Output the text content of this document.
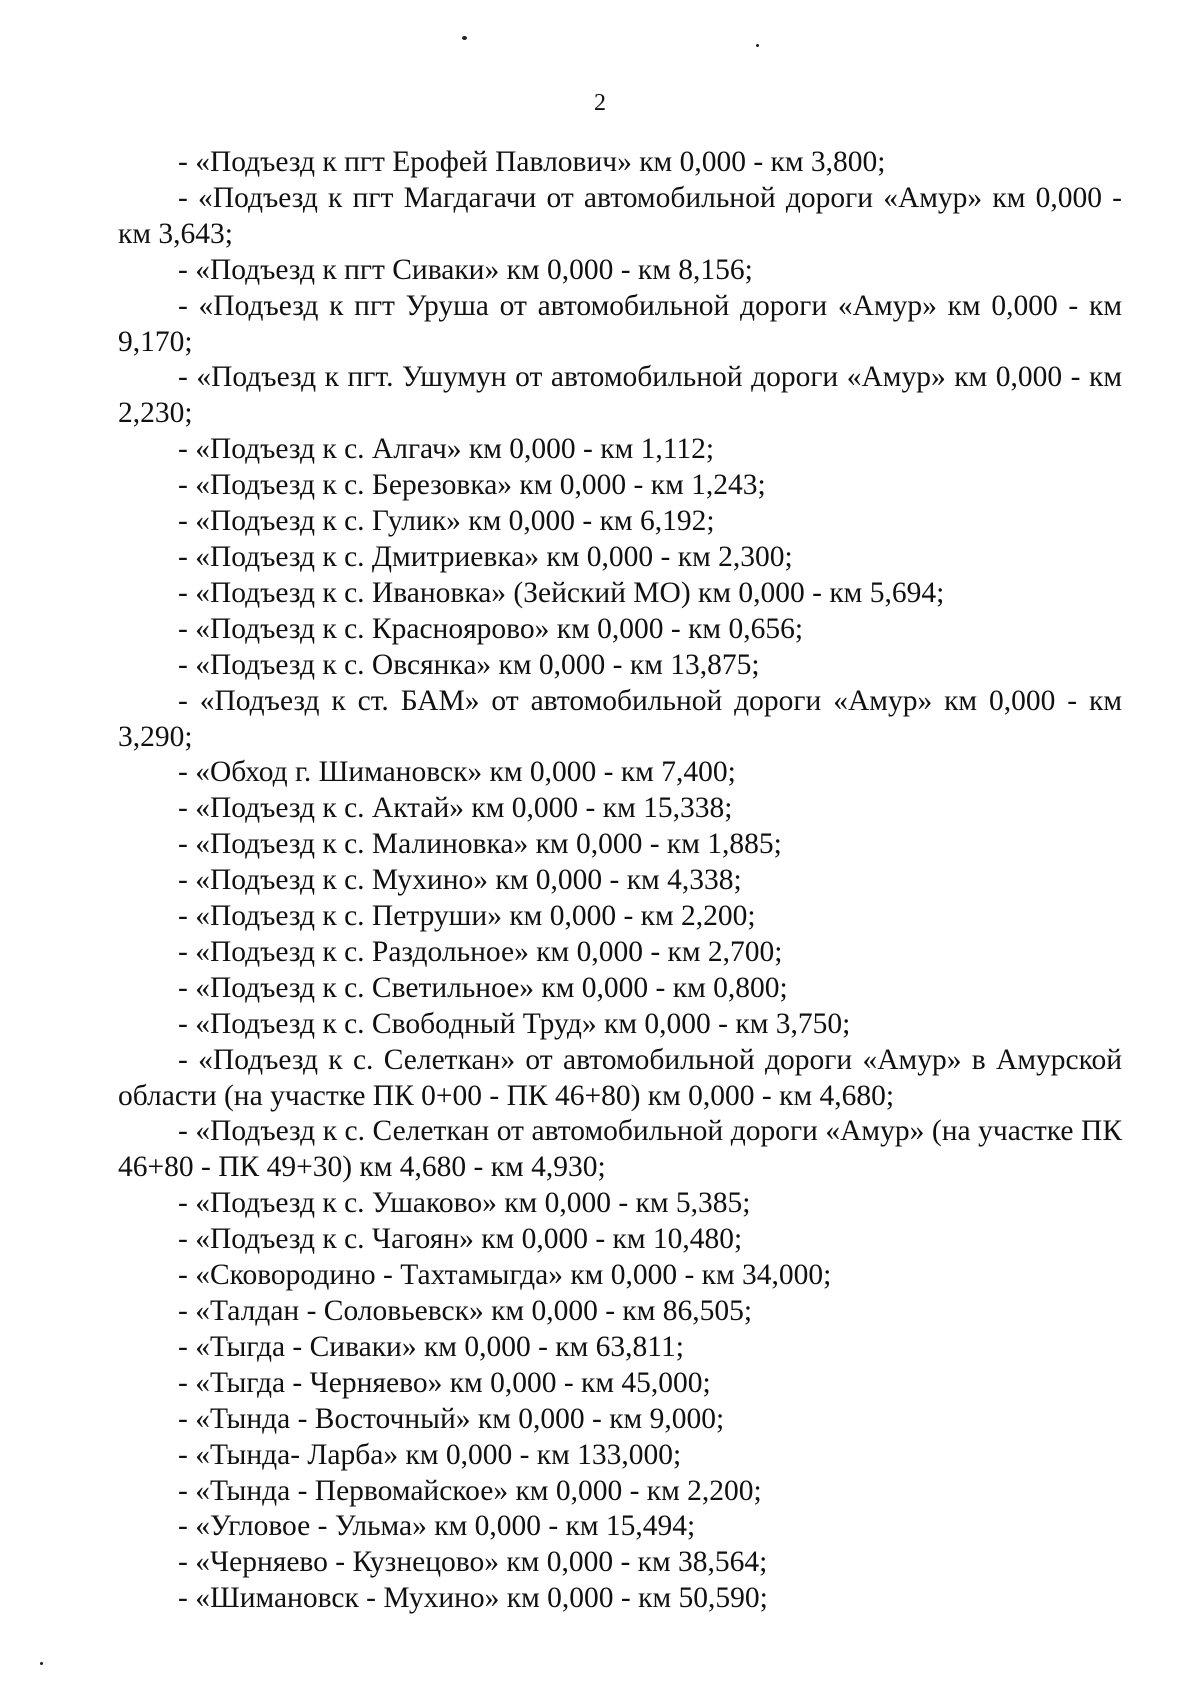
2

- «Подъезд к пгт Ерофей Павлович» км 0,000 - км 3,800;

- «Подъезд к пгт Магдагачи от автомобильной дороги «Амур» км 0,000 - км 3,643;

- «Подъезд к пгт Сиваки» км 0,000 - км 8,156;

- «Подъезд к пгт Уруша от автомобильной дороги «Амур» км 0,000 - км 9,170;

- «Подъезд к пгт. Ушумун от автомобильной дороги «Амур» км 0,000 - км 2,230;

- «Подъезд к с. Алгач» км 0,000 - км 1,112;

- «Подъезд к с. Березовка» км 0,000 - км 1,243;

- «Подъезд к с. Гулик» км 0,000 - км 6,192;

- «Подъезд к с. Дмитриевка» км 0,000 - км 2,300;

- «Подъезд к с. Ивановка» (Зейский МО) км 0,000 - км 5,694;

- «Подъезд к с. Краснoярово» км 0,000 - км 0,656;

- «Подъезд к с. Овсянка» км 0,000 - км 13,875;

- «Подъезд к ст. БАМ» от автомобильной дороги «Амур» км 0,000 - км 3,290;

- «Обход г. Шимановск» км 0,000 - км 7,400;

- «Подъезд к с. Актай» км 0,000 - км 15,338;

- «Подъезд к с. Малиновка» км 0,000 - км 1,885;

- «Подъезд к с. Мухино» км 0,000 - км 4,338;

- «Подъезд к с. Петруши» км 0,000 - км 2,200;

- «Подъезд к с. Раздольное» км 0,000 - км 2,700;

- «Подъезд к с. Светильное» км 0,000 - км 0,800;

- «Подъезд к с. Свободный Труд» км 0,000 - км 3,750;

- «Подъезд к с. Селеткан» от автомобильной дороги «Амур» в Амурской области (на участке ПК 0+00 - ПК 46+80) км 0,000 - км 4,680;

- «Подъезд к с. Селеткан от автомобильной дороги «Амур» (на участке ПК 46+80 - ПК 49+30) км 4,680 - км 4,930;

- «Подъезд к с. Ушаково» км 0,000 - км 5,385;

- «Подъезд к с. Чагоян» км 0,000 - км 10,480;

- «Сковородино - Тахтамыгда» км 0,000 - км 34,000;

- «Талдан - Соловьевск» км 0,000 - км 86,505;

- «Тыгда - Сиваки» км 0,000 - км 63,811;

- «Тыгда - Черняево» км 0,000 - км 45,000;

- «Тында - Восточный» км 0,000 - км 9,000;

- «Тында- Ларба» км 0,000 - км 133,000;

- «Тында - Первомайское» км 0,000 - км 2,200;

- «Угловое - Ульма» км 0,000 - км 15,494;

- «Черняево - Кузнецово» км 0,000 - км 38,564;

- «Шимановск - Мухино» км 0,000 - км 50,590;
